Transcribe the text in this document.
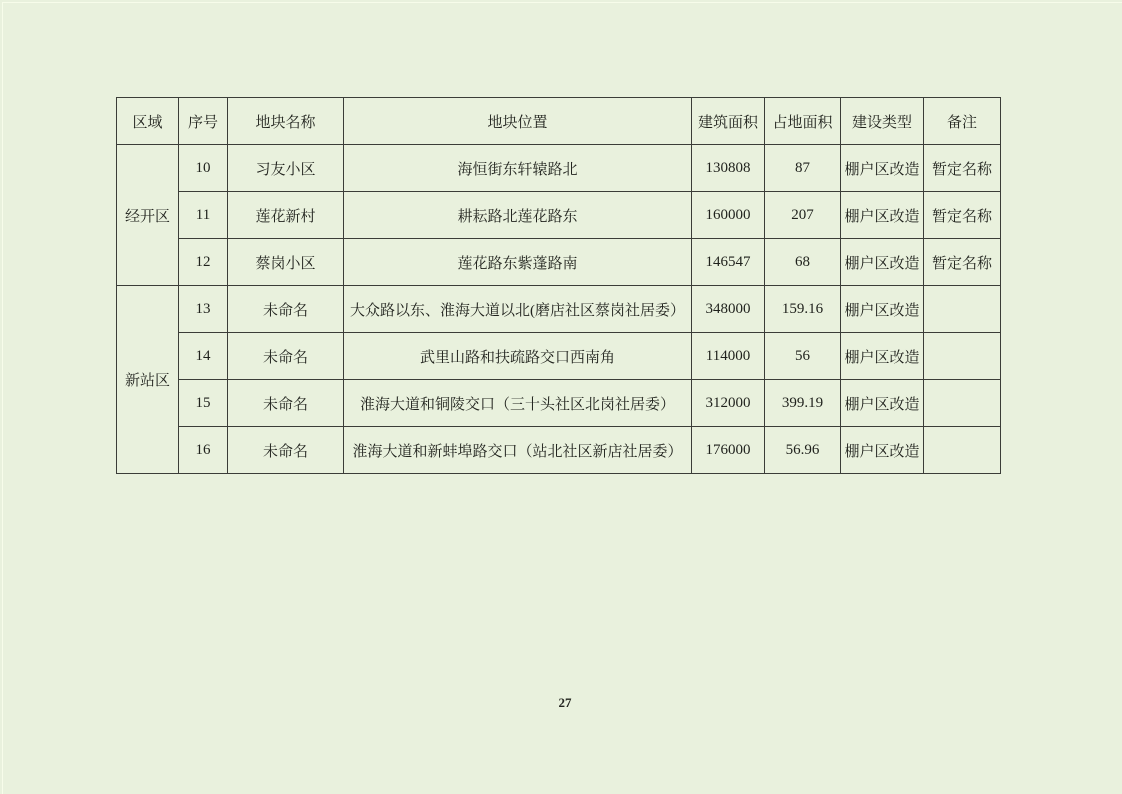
区域	序号	地块名称	地块位置	建筑面积	占地面积	建设类型	备注
经开区	10	习友小区	海恒街东轩辕路北	130808	87	棚户区改造	暂定名称
	11	莲花新村	耕耘路北莲花路东	160000	207	棚户区改造	暂定名称
	12	蔡岗小区	莲花路东紫蓬路南	146547	68	棚户区改造	暂定名称
新站区	13	未命名	大众路以东、淮海大道以北(磨店社区蔡岗社居委）	348000	159.16	棚户区改造	
	14	未命名	武里山路和扶疏路交口西南角	114000	56	棚户区改造	
	15	未命名	淮海大道和铜陵交口（三十头社区北岗社居委）	312000	399.19	棚户区改造	
	16	未命名	淮海大道和新蚌埠路交口（站北社区新店社居委）	176000	56.96	棚户区改造	
27
